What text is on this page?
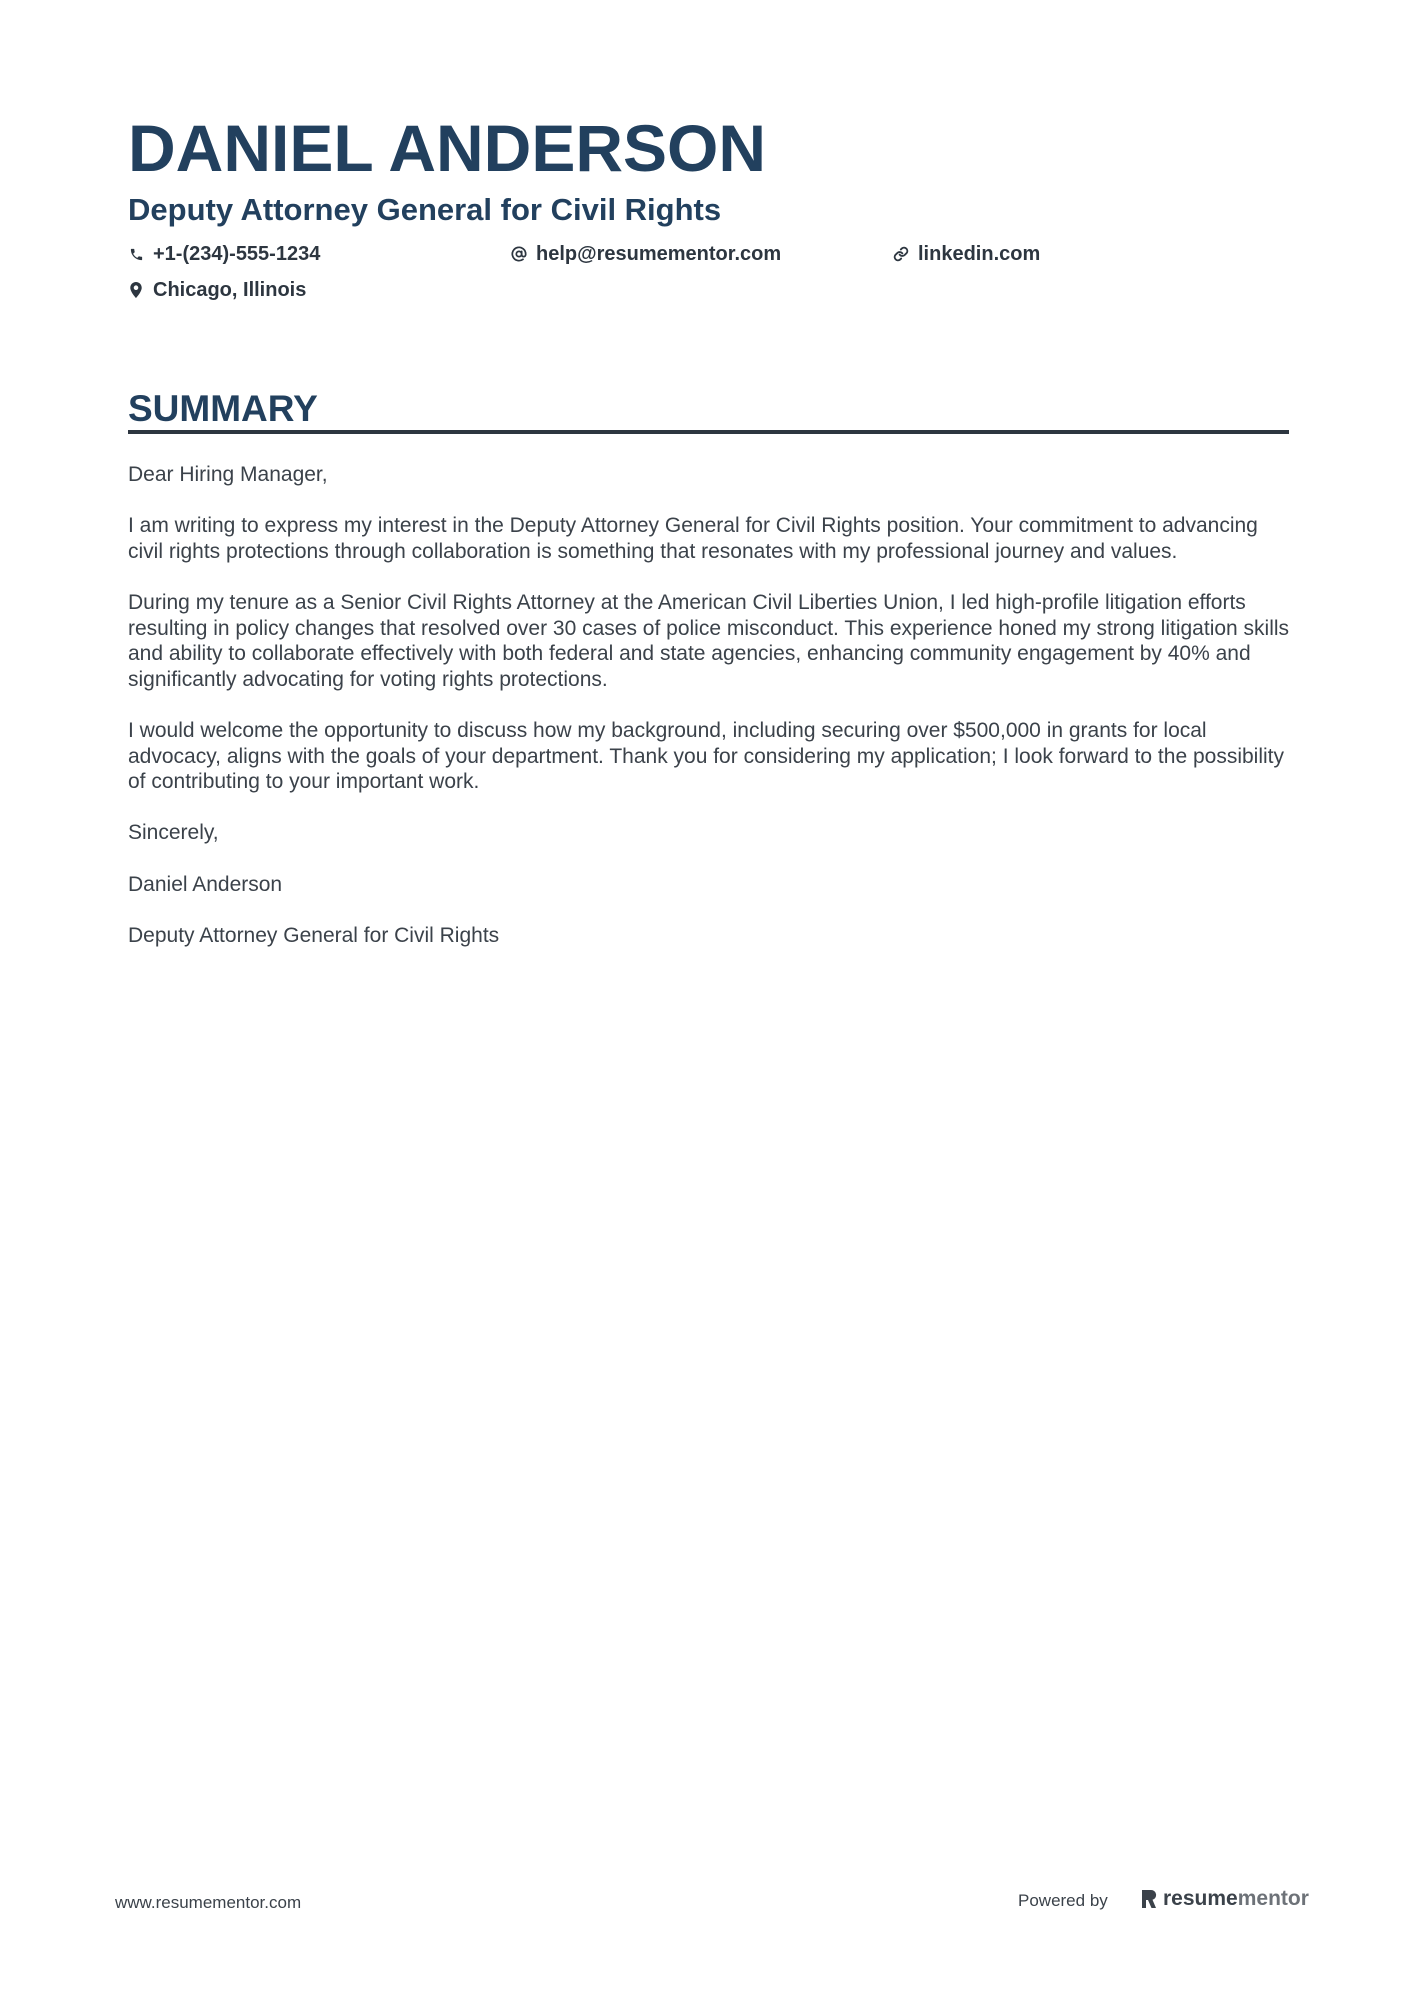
DANIEL ANDERSON
Deputy Attorney General for Civil Rights
+1-(234)-555-1234	help@resumementor.com	linkedin.com
Chicago, Illinois
SUMMARY

Dear Hiring Manager,

I am writing to express my interest in the Deputy Attorney General for Civil Rights position. Your commitment to advancing civil rights protections through collaboration is something that resonates with my professional journey and values.

During my tenure as a Senior Civil Rights Attorney at the American Civil Liberties Union, I led high-profile litigation efforts resulting in policy changes that resolved over 30 cases of police misconduct. This experience honed my strong litigation skills and ability to collaborate effectively with both federal and state agencies, enhancing community engagement by 40% and significantly advocating for voting rights protections.

I would welcome the opportunity to discuss how my background, including securing over $500,000 in grants for local advocacy, aligns with the goals of your department. Thank you for considering my application; I look forward to the possibility of contributing to your important work.

Sincerely,

Daniel Anderson

Deputy Attorney General for Civil Rights

www.resumementor.com	Powered by	resume mentor
